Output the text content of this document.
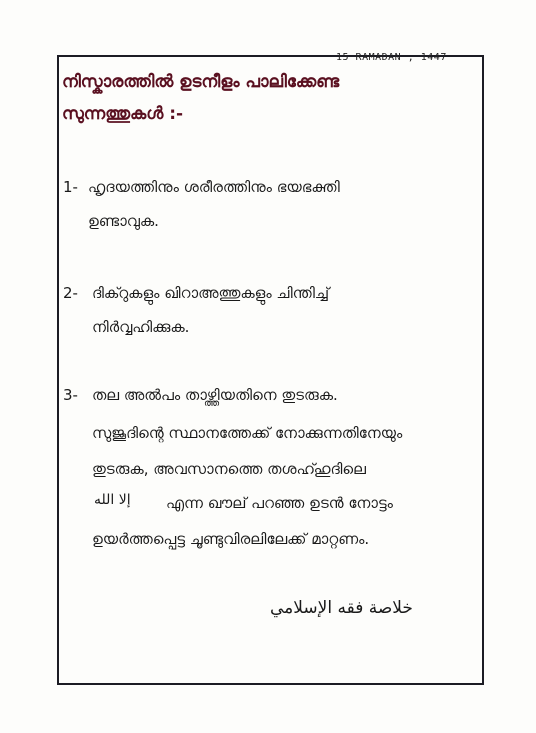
15 RAMADAN , 1447
നിസ്കാരത്തിൽ ഉടനീളം പാലിക്കേണ്ട
സുന്നത്തുകൾ :-
1- ഹൃദയത്തിനും ശരീരത്തിനും ഭയഭക്തി
ഉണ്ടാവുക.
2- ദിക്റുകളും ഖിറാഅത്തുകളും ചിന്തിച്ച്
നിർവ്വഹിക്കുക.
3- തല അൽപം താഴ്ത്തിയതിനെ തുടരുക.
സുജൂദിന്റെ സ്ഥാനത്തേക്ക് നോക്കുന്നതിനേയും
തുടരുക, അവസാനത്തെ തശഹ്ഹുദിലെ
إلا الله എന്ന ഖൗല് പറഞ്ഞ ഉടൻ നോട്ടം
ഉയർത്തപ്പെട്ട ചൂണ്ടുവിരലിലേക്ക് മാറ്റണം.
خلاصة فقه الإسلامي
